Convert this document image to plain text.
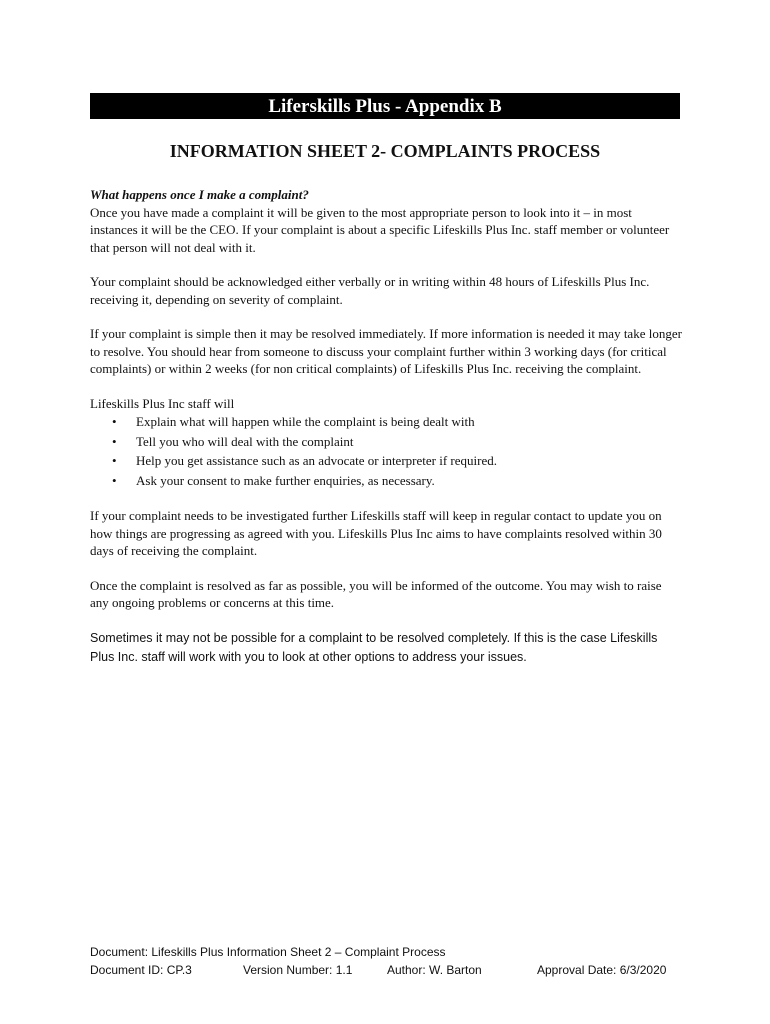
Liferskills Plus - Appendix B
INFORMATION SHEET 2- COMPLAINTS PROCESS

What happens once I make a complaint?

Once you have made a complaint it will be given to the most appropriate person to look into it – in most instances it will be the CEO. If your complaint is about a specific Lifeskills Plus Inc. staff member or volunteer that person will not deal with it.

Your complaint should be acknowledged either verbally or in writing within 48 hours of Lifeskills Plus Inc. receiving it, depending on severity of complaint.

If your complaint is simple then it may be resolved immediately. If more information is needed it may take longer to resolve. You should hear from someone to discuss your complaint further within 3 working days (for critical complaints) or within 2 weeks (for non critical complaints) of Lifeskills Plus Inc. receiving the complaint.

Lifeskills Plus Inc staff will

• Explain what will happen while the complaint is being dealt with
• Tell you who will deal with the complaint
• Help you get assistance such as an advocate or interpreter if required.
• Ask your consent to make further enquiries, as necessary.

If your complaint needs to be investigated further Lifeskills staff will keep in regular contact to update you on how things are progressing as agreed with you. Lifeskills Plus Inc aims to have complaints resolved within 30 days of receiving the complaint.

Once the complaint is resolved as far as possible, you will be informed of the outcome. You may wish to raise any ongoing problems or concerns at this time.

Sometimes it may not be possible for a complaint to be resolved completely. If this is the case Lifeskills Plus Inc. staff will work with you to look at other options to address your issues.

Document: Lifeskills Plus Information Sheet 2 – Complaint Process
Document ID: CP.3	Version Number: 1.1	Author: W. Barton	Approval Date: 6/3/2020
